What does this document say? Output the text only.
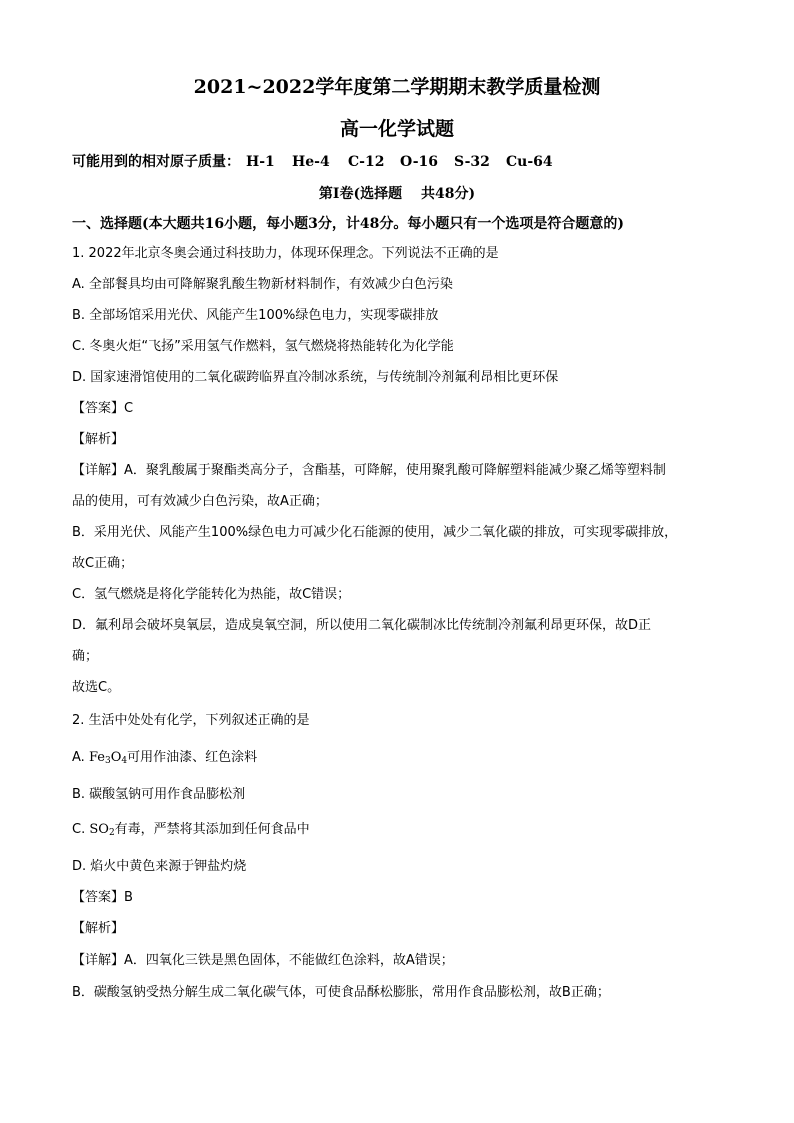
2021~2022学年度第二学期期末教学质量检测
高一化学试题
可能用到的相对原子质量： H-1 He-4 C-12 O-16 S-32 Cu-64
第Ⅰ卷(选择题　 共48分)
一、选择题(本大题共16小题，每小题3分，计48分。每小题只有一个选项是符合题意的)
1. 2022年北京冬奥会通过科技助力，体现环保理念。下列说法不正确的是
A. 全部餐具均由可降解聚乳酸生物新材料制作，有效减少白色污染
B. 全部场馆采用光伏、风能产生100%绿色电力，实现零碳排放
C. 冬奥火炬“飞扬”采用氢气作燃料，氢气燃烧将热能转化为化学能
D. 国家速滑馆使用的二氧化碳跨临界直冷制冰系统，与传统制冷剂氟利昂相比更环保
【答案】C
【解析】
【详解】A．聚乳酸属于聚酯类高分子，含酯基，可降解，使用聚乳酸可降解塑料能减少聚乙烯等塑料制
品的使用，可有效减少白色污染，故A正确；
B．采用光伏、风能产生100%绿色电力可减少化石能源的使用，减少二氧化碳的排放，可实现零碳排放，
故C正确；
C．氢气燃烧是将化学能转化为热能，故C错误；
D．氟利昂会破坏臭氧层，造成臭氧空洞，所以使用二氧化碳制冰比传统制冷剂氟利昂更环保，故D正
确；
故选C。
2. 生活中处处有化学，下列叙述正确的是
A. $Fe_3O_4$可用作油漆、红色涂料
B. 碳酸氢钠可用作食品膨松剂
C. $SO_2$有毒，严禁将其添加到任何食品中
D. 焰火中黄色来源于钾盐灼烧
【答案】B
【解析】
【详解】A．四氧化三铁是黑色固体，不能做红色涂料，故A错误；
B．碳酸氢钠受热分解生成二氧化碳气体，可使食品酥松膨胀，常用作食品膨松剂，故B正确；
